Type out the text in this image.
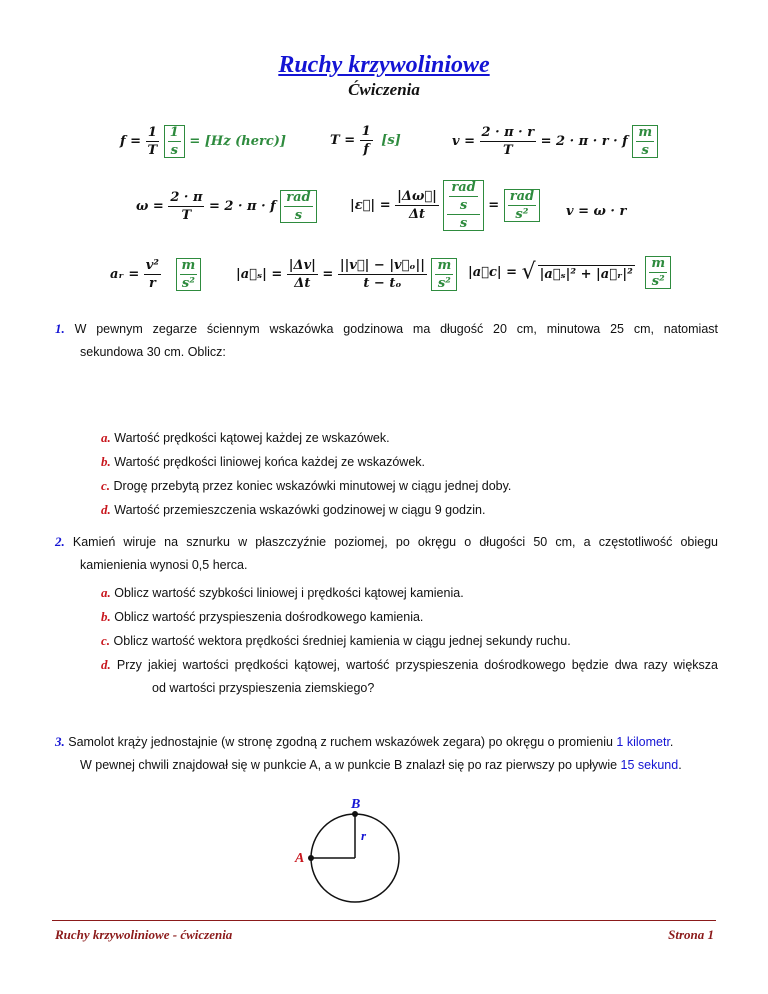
Ruchy krzywoliniowe
Ćwiczenia
$f = \frac{1}{T}$
$\frac{1}{s} = [Hz$ (herc)]	$T = \frac{1}{f} [s]$	$v = \frac{2 \cdot \pi \cdot r}{T} = 2 \cdot \pi \cdot r \cdot f \frac{m}{s}$
$\omega = \frac{2 \cdot \pi}{T} = 2 \cdot \pi \cdot f \frac{\text{rad}}{s}$	|ε⃗| = $\frac{|\Delta\omega⃗|}{\Delta t}$
$\frac{\frac{\text{rad}}{s}}{s} = \frac{\text{rad}}{\text{s²}}$ v = ω · r
aᵣ = $\frac{\text{v²}}{r}$
$\frac{m}{\text{s²}}$	|a⃗ₛ| = $\frac{|\Delta v|}{\Delta t} = \frac{\text{||v⃗| − |v⃗ₒ||}}{\text{t − tₒ}}$
$\frac{m}{\text{s²}}$ |a⃗c| = √ |a⃗ₛ|² + |a⃗ᵣ|² $\frac{m}{\text{s²}}$
1. W pewnym zegarze ściennym wskazówka godzinowa ma długość 20 cm, minutowa 25 cm, natomiast
sekundowa 30 cm. Oblicz:
a. Wartość prędkości kątowej każdej ze wskazówek.
b. Wartość prędkości liniowej końca każdej ze wskazówek.
c. Drogę przebytą przez koniec wskazówki minutowej w ciągu jednej doby.
d. Wartość przemieszczenia wskazówki godzinowej w ciągu 9 godzin.
2. Kamień wiruje na sznurku w płaszczyźnie poziomej, po okręgu o długości 50 cm, a częstotliwość obiegu
kamienienia wynosi 0,5 herca.
a. Oblicz wartość szybkości liniowej i prędkości kątowej kamienia.
b. Oblicz wartość przyspieszenia dośrodkowego kamienia.
c. Oblicz wartość wektora prędkości średniej kamienia w ciągu jednej sekundy ruchu.
d. Przy jakiej wartości prędkości kątowej, wartość przyspieszenia dośrodkowego będzie dwa razy większa
od wartości przyspieszenia ziemskiego?
3. Samolot krąży jednostajnie (w stronę zgodną z ruchem wskazówek zegara) po okręgu o promieniu 1 kilometr.
W pewnej chwili znajdował się w punkcie A, a w punkcie B znalazł się po raz pierwszy po upływie 15 sekund.
B
A
r
Ruchy krzywoliniowe - ćwiczenia	Strona 1
